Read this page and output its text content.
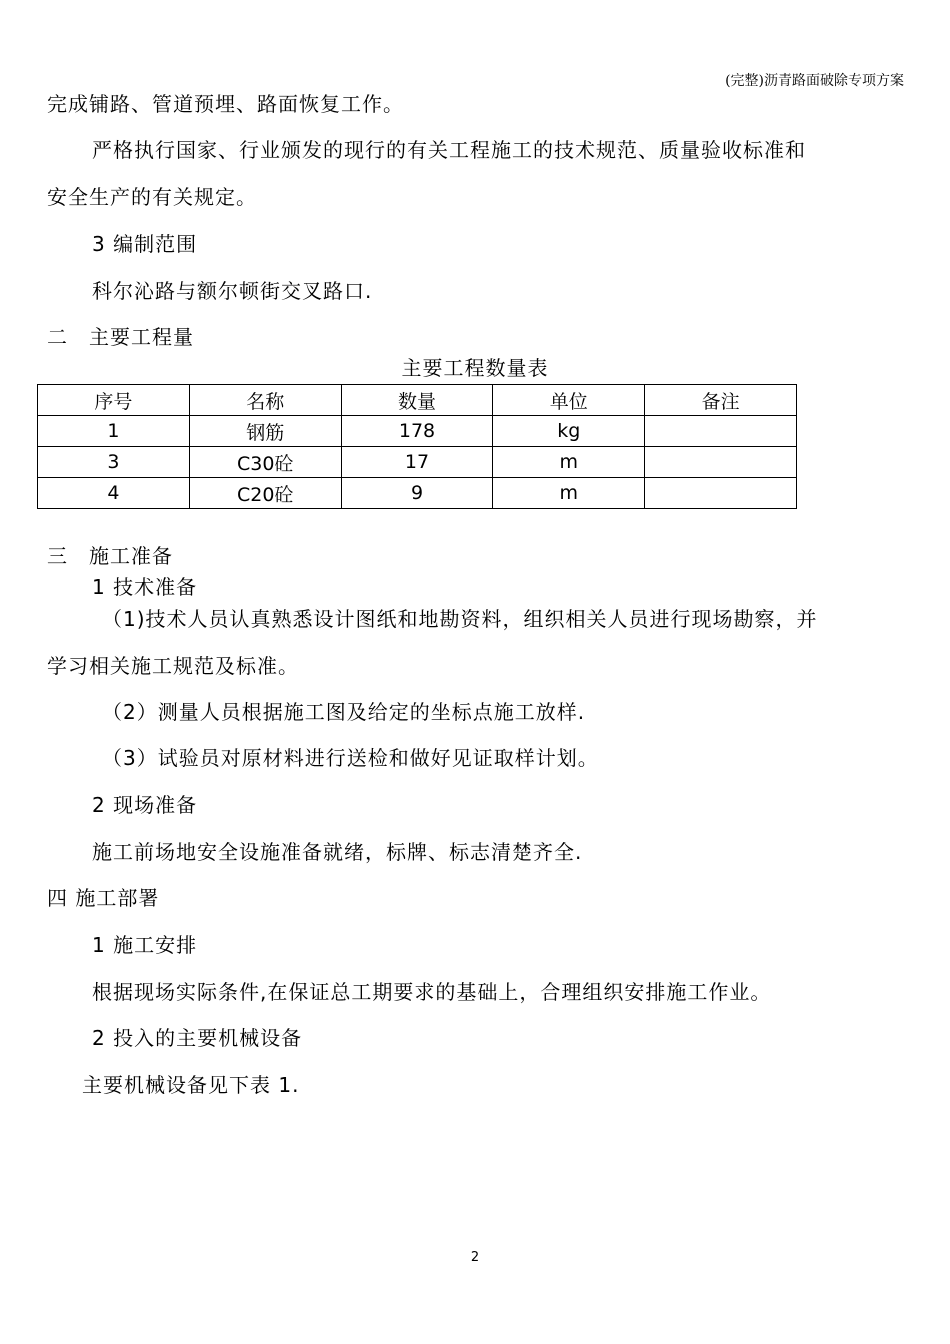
(完整)沥青路面破除专项方案
完成铺路、管道预埋、路面恢复工作。
严格执行国家、行业颁发的现行的有关工程施工的技术规范、质量验收标准和
安全生产的有关规定。
3 编制范围
科尔沁路与额尔顿街交叉路口.
二　主要工程量
主要工程数量表
序号	名称	数量	单位	备注
1	钢筋	178	kg	
3	C30砼	17	m	
4	C20砼	9	m	
三　施工准备
1 技术准备
（1)技术人员认真熟悉设计图纸和地勘资料，组织相关人员进行现场勘察，并
学习相关施工规范及标准。
（2）测量人员根据施工图及给定的坐标点施工放样.
（3）试验员对原材料进行送检和做好见证取样计划。
2 现场准备
施工前场地安全设施准备就绪，标牌、标志清楚齐全.
四 施工部署
1 施工安排
根据现场实际条件,在保证总工期要求的基础上，合理组织安排施工作业。
2 投入的主要机械设备
主要机械设备见下表 1.
2
